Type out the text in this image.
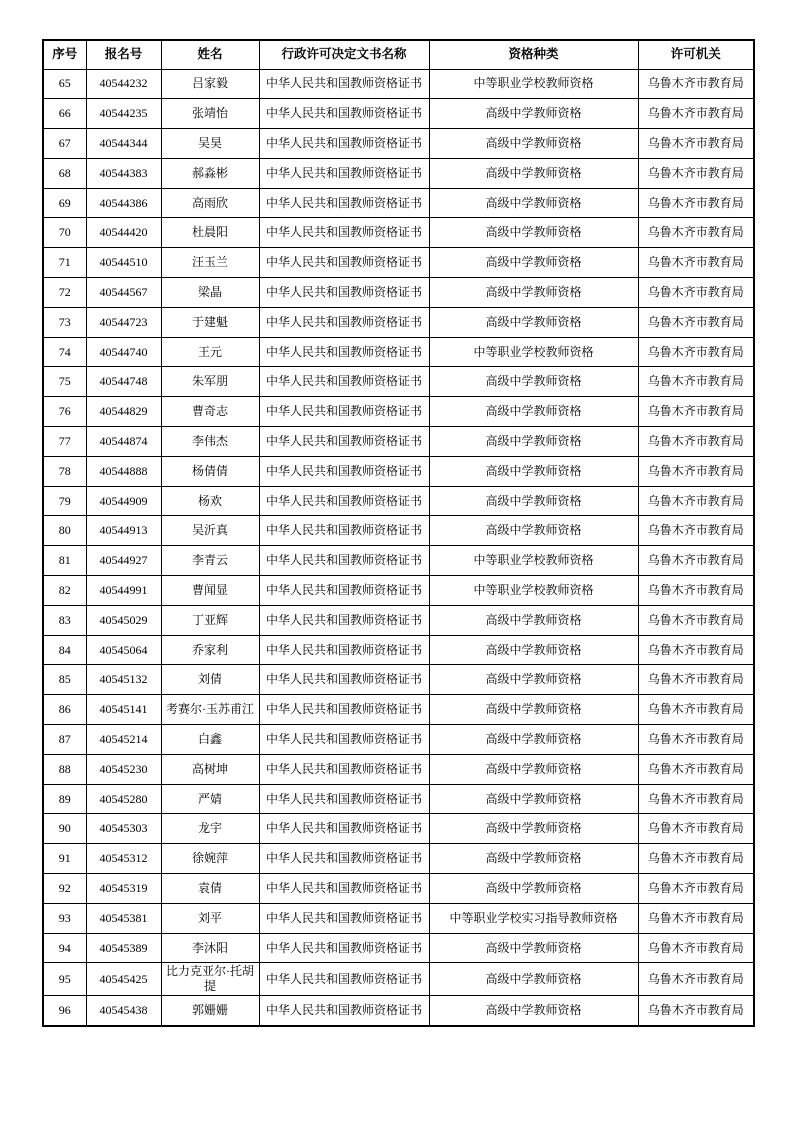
序号	报名号	姓名	行政许可决定文书名称	资格种类	许可机关
65	40544232	吕家毅	中华人民共和国教师资格证书	中等职业学校教师资格	乌鲁木齐市教育局
66	40544235	张靖怡	中华人民共和国教师资格证书	高级中学教师资格	乌鲁木齐市教育局
67	40544344	吴昊	中华人民共和国教师资格证书	高级中学教师资格	乌鲁木齐市教育局
68	40544383	郝淼彬	中华人民共和国教师资格证书	高级中学教师资格	乌鲁木齐市教育局
69	40544386	高雨欣	中华人民共和国教师资格证书	高级中学教师资格	乌鲁木齐市教育局
70	40544420	杜晨阳	中华人民共和国教师资格证书	高级中学教师资格	乌鲁木齐市教育局
71	40544510	汪玉兰	中华人民共和国教师资格证书	高级中学教师资格	乌鲁木齐市教育局
72	40544567	梁晶	中华人民共和国教师资格证书	高级中学教师资格	乌鲁木齐市教育局
73	40544723	于建魁	中华人民共和国教师资格证书	高级中学教师资格	乌鲁木齐市教育局
74	40544740	王元	中华人民共和国教师资格证书	中等职业学校教师资格	乌鲁木齐市教育局
75	40544748	朱军朋	中华人民共和国教师资格证书	高级中学教师资格	乌鲁木齐市教育局
76	40544829	曹奇志	中华人民共和国教师资格证书	高级中学教师资格	乌鲁木齐市教育局
77	40544874	李伟杰	中华人民共和国教师资格证书	高级中学教师资格	乌鲁木齐市教育局
78	40544888	杨倩倩	中华人民共和国教师资格证书	高级中学教师资格	乌鲁木齐市教育局
79	40544909	杨欢	中华人民共和国教师资格证书	高级中学教师资格	乌鲁木齐市教育局
80	40544913	吴沂真	中华人民共和国教师资格证书	高级中学教师资格	乌鲁木齐市教育局
81	40544927	李青云	中华人民共和国教师资格证书	中等职业学校教师资格	乌鲁木齐市教育局
82	40544991	曹闻显	中华人民共和国教师资格证书	中等职业学校教师资格	乌鲁木齐市教育局
83	40545029	丁亚辉	中华人民共和国教师资格证书	高级中学教师资格	乌鲁木齐市教育局
84	40545064	乔家利	中华人民共和国教师资格证书	高级中学教师资格	乌鲁木齐市教育局
85	40545132	刘倩	中华人民共和国教师资格证书	高级中学教师资格	乌鲁木齐市教育局
86	40545141	考赛尔·玉苏甫江	中华人民共和国教师资格证书	高级中学教师资格	乌鲁木齐市教育局
87	40545214	白鑫	中华人民共和国教师资格证书	高级中学教师资格	乌鲁木齐市教育局
88	40545230	高树坤	中华人民共和国教师资格证书	高级中学教师资格	乌鲁木齐市教育局
89	40545280	严婧	中华人民共和国教师资格证书	高级中学教师资格	乌鲁木齐市教育局
90	40545303	龙宇	中华人民共和国教师资格证书	高级中学教师资格	乌鲁木齐市教育局
91	40545312	徐婉萍	中华人民共和国教师资格证书	高级中学教师资格	乌鲁木齐市教育局
92	40545319	袁倩	中华人民共和国教师资格证书	高级中学教师资格	乌鲁木齐市教育局
93	40545381	刘平	中华人民共和国教师资格证书	中等职业学校实习指导教师资格	乌鲁木齐市教育局
94	40545389	李沐阳	中华人民共和国教师资格证书	高级中学教师资格	乌鲁木齐市教育局
95	40545425	比力克亚尔·托胡提	中华人民共和国教师资格证书	高级中学教师资格	乌鲁木齐市教育局
96	40545438	郭姗姗	中华人民共和国教师资格证书	高级中学教师资格	乌鲁木齐市教育局
